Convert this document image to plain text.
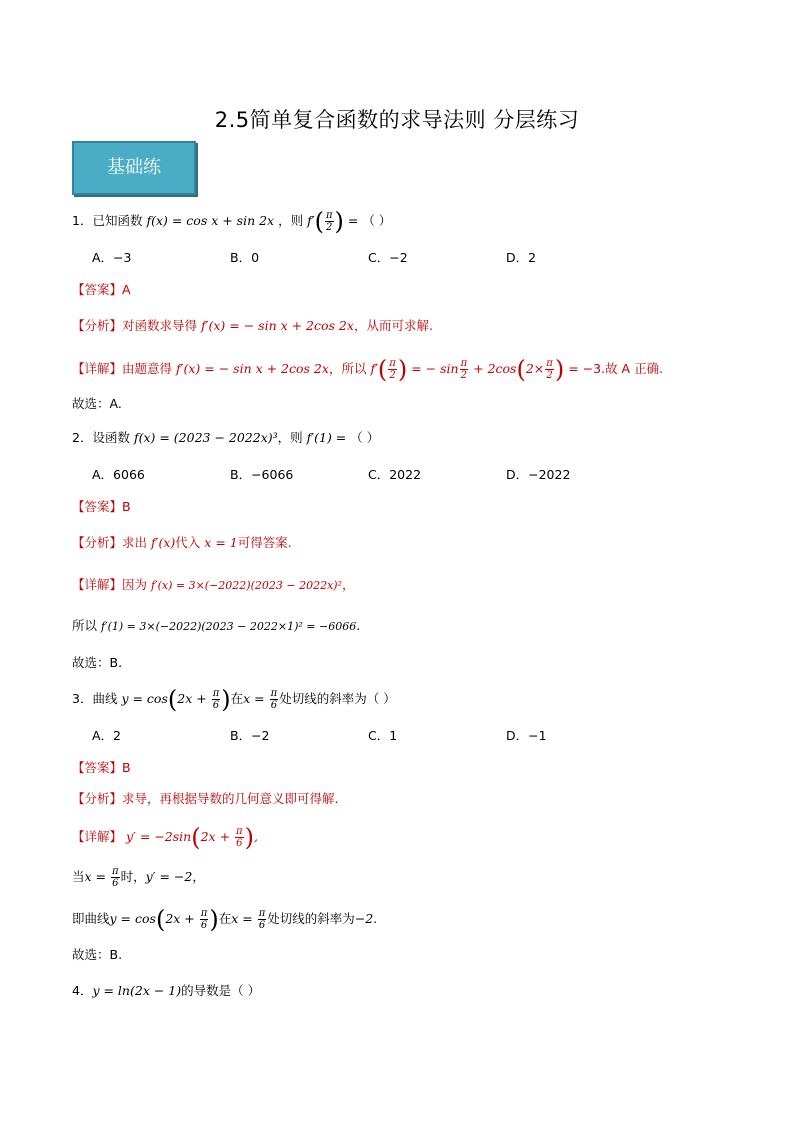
2.5简单复合函数的求导法则 分层练习
基础练
1．已知函数 f(x) = cos x + sin 2x ，则 $f'( \frac{\pi}{2}$ ) = （ ）
A．−3	B．0	C．−2	D．2
【答案】A
【分析】对函数求导得 f′(x) = − sin x + 2cos 2x，从而可求解.
【详解】由题意得 f′(x) = − sin x + 2cos 2x，所以 $f'( \frac{\pi}{2}$ ) = − $\sin \frac{\pi}{2} + 2\cos(2\times \frac{\pi}{2}$ ) = −3.故 A 正确.
故选：A.
2．设函数 f(x) = (2023 − 2022x)³，则 f′(1) = （ ）
A．6066	B．−6066	C．2022	D．−2022
【答案】B
【分析】求出 f′(x)代入 x = 1可得答案.
【详解】因为 f′(x) = 3×(−2022)(2023 − 2022x)²，
所以 f′(1) = 3×(−2022)(2023 − 2022×1)² = −6066.
故选：B.
3．曲线 $y = \cos(2x + \frac{\pi}{6}$ )在$x = \frac{\pi}{6}$ 处切线的斜率为（ ）
A．2	B．−2	C．1	D．−1
【答案】B
【分析】求导，再根据导数的几何意义即可得解.
【详解】 $y' = -2\sin(2x + \frac{\pi}{6}$ ),
当$x = \frac{\pi}{6}$ 时，y′ = −2，
即曲线$y = \cos(2x + \frac{\pi}{6}$ )在$x = \frac{\pi}{6}$ 处切线的斜率为−2.
故选：B.
4．y = ln(2x − 1)的导数是（ ）
